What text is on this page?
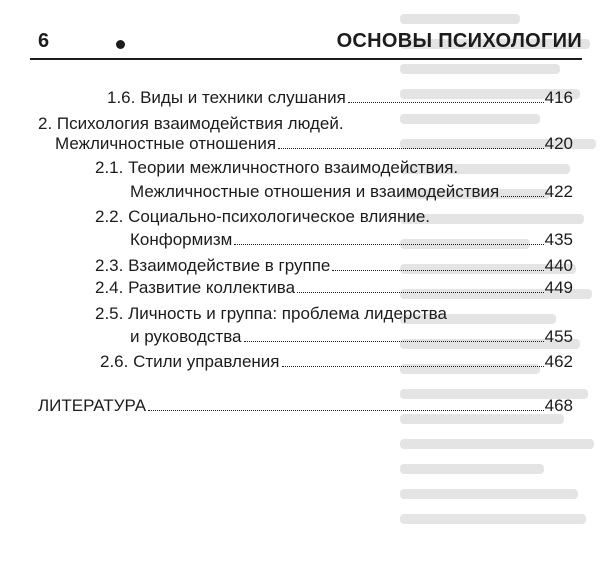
6	ОСНОВЫ ПСИХОЛОГИИ
1.6. Виды и техники слушания	416
2. Психология взаимодействия людей.
Межличностные отношения	420
2.1. Теории межличностного взаимодействия.
Межличностные отношения и взаимодействия	422
2.2. Социально-психологическое влияние.
Конформизм	435
2.3. Взаимодействие в группе	440
2.4. Развитие коллектива	449
2.5. Личность и группа: проблема лидерства
и руководства	455
2.6. Стили управления	462
ЛИТЕРАТУРА	468
